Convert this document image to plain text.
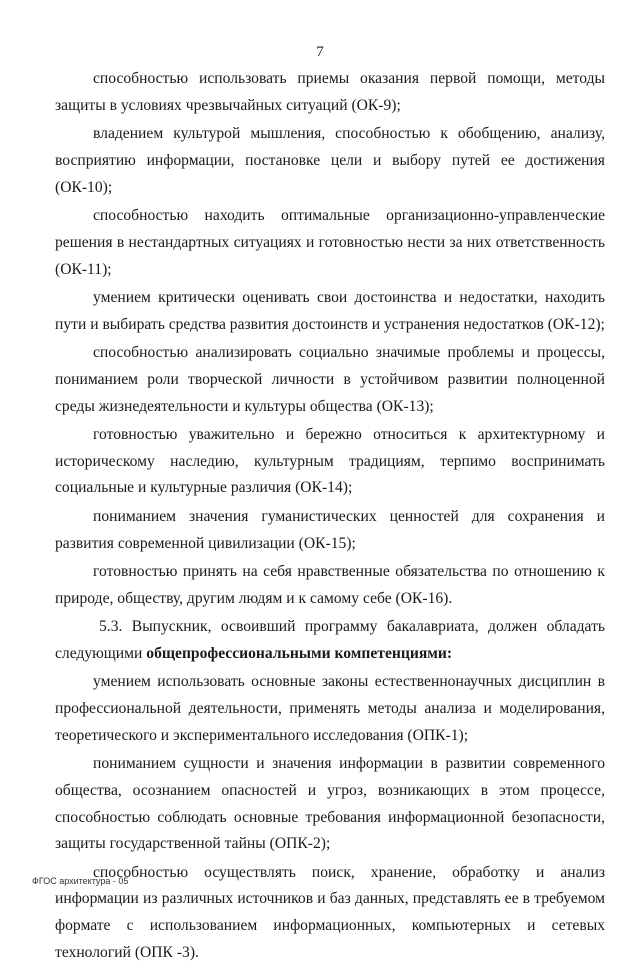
7

способностью использовать приемы оказания первой помощи, методы защиты в условиях чрезвычайных ситуаций (ОК-9);

владением культурой мышления, способностью к обобщению, анализу, восприятию информации, постановке цели и выбору путей ее достижения (ОК-10);

способностью находить оптимальные организационно-управленческие решения в нестандартных ситуациях и готовностью нести за них ответственность (ОК-11);

умением критически оценивать свои достоинства и недостатки, находить пути и выбирать средства развития достоинств и устранения недостатков (ОК-12);

способностью анализировать социально значимые проблемы и процессы, пониманием роли творческой личности в устойчивом развитии полноценной среды жизнедеятельности и культуры общества (ОК-13);

готовностью уважительно и бережно относиться к архитектурному и историческому наследию, культурным традициям, терпимо воспринимать социальные и культурные различия (ОК-14);

пониманием значения гуманистических ценностей для сохранения и развития современной цивилизации (ОК-15);

готовностью принять на себя нравственные обязательства по отношению к природе, обществу, другим людям и к самому себе (ОК-16).

5.3. Выпускник, освоивший программу бакалавриата, должен обладать следующими общепрофессиональными компетенциями:

умением использовать основные законы естественнонаучных дисциплин в профессиональной деятельности, применять методы анализа и моделирования, теоретического и экспериментального исследования (ОПК-1);

пониманием сущности и значения информации в развитии современного общества, осознанием опасностей и угроз, возникающих в этом процессе, способностью соблюдать основные требования информационной безопасности, защиты государственной тайны (ОПК-2);

способностью осуществлять поиск, хранение, обработку и анализ информации из различных источников и баз данных, представлять ее в требуемом формате с использованием информационных, компьютерных и сетевых технологий (ОПК -3).

ФГОС архитектура - 05
